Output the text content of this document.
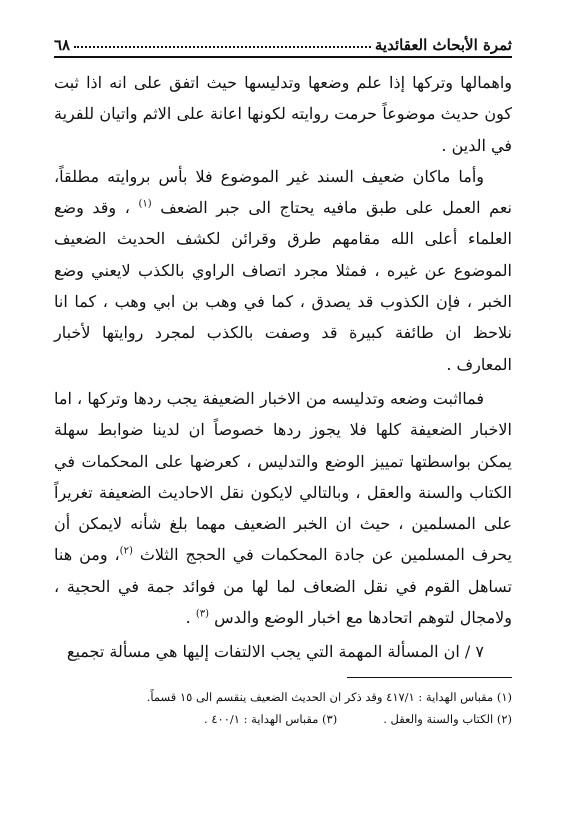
ثمرة الأبحاث العقائدية
٦٨

واهمالها وتركها إذا علم وضعها وتدليسها حيث اتفق على انه اذا ثبت كون حديث موضوعاً حرمت روايته لكونها اعانة على الاثم واتيان للفرية في الدين .

وأما ماكان ضعيف السند غير الموضوع فلا بأس بروايته مطلقاً، نعم العمل على طبق مافيه يحتاج الى جبر الضعف $^{(١)}$ ، وقد وضع العلماء أعلى الله مقامهم طرق وقرائن لكشف الحديث الضعيف الموضوع عن غيره ، فمثلا مجرد اتصاف الراوي بالكذب لايعني وضع الخبر ، فإن الكذوب قد يصدق ، كما في وهب بن ابي وهب ، كما انا نلاحظ ان طائفة كبيرة قد وصفت بالكذب لمجرد روايتها لأخبار المعارف .

فمااثبت وضعه وتدليسه من الاخبار الضعيفة يجب ردها وتركها ، اما الاخبار الضعيفة كلها فلا يجوز ردها خصوصاً ان لدينا ضوابط سهلة يمكن بواسطتها تمييز الوضع والتدليس ، كعرضها على المحكمات في الكتاب والسنة والعقل ، وبالتالي لايكون نقل الاحاديث الضعيفة تغريراً على المسلمين ، حيث ان الخبر الضعيف مهما بلغ شأنه لايمكن أن يحرف المسلمين عن جادة المحكمات في الحجج الثلاث $^{(٢)}$، ومن هنا تساهل القوم في نقل الضعاف لما لها من فوائد جمة في الحجية ، ولامجال لتوهم اتحادها مع اخبار الوضع والدس $^{(٣)}$ .

٧ / ان المسألة المهمة التي يجب الالتفات إليها هي مسألة تجميع

(١) مقباس الهداية : ٤١٧/١ وقد ذكر ان الحديث الضعيف ينقسم الى ١٥ قسماً.
(٢) الكتاب والسنة والعقل .(٣) مقباس الهداية : ٤٠٠/١ .
